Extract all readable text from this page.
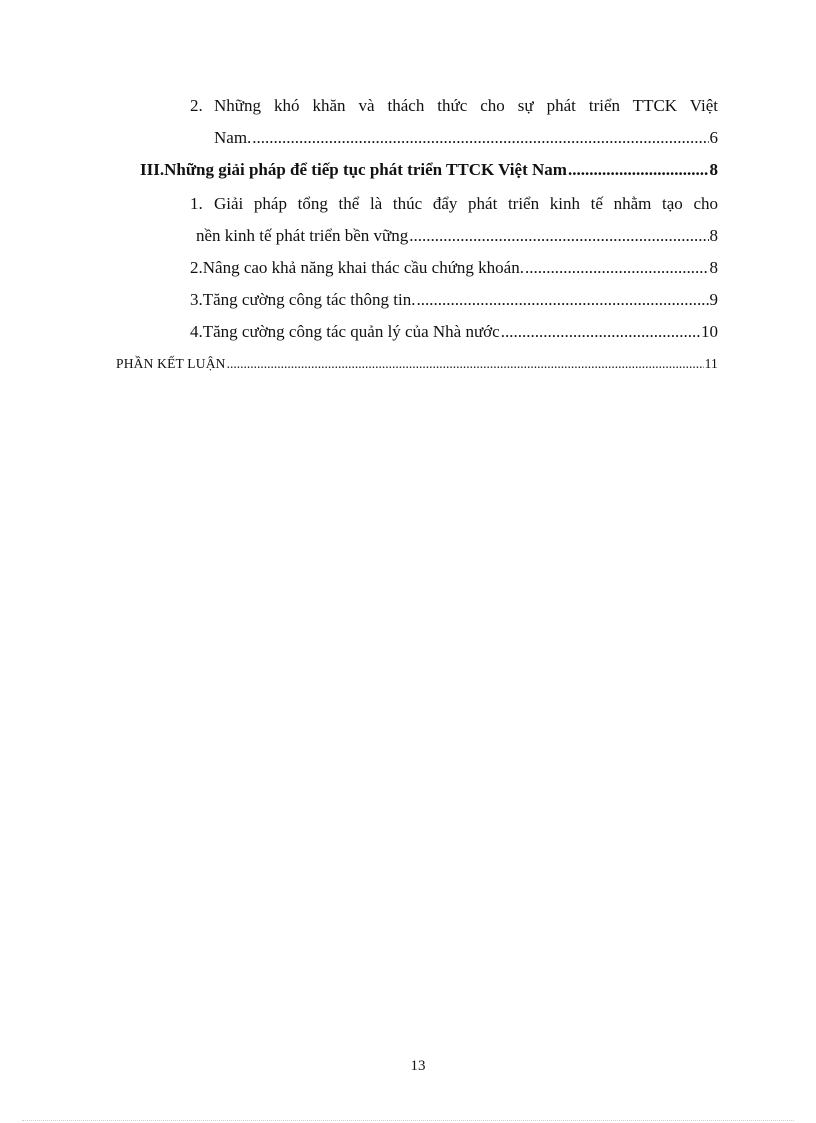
2. Những khó khăn và thách thức cho sự phát triển TTCK Việt
Nam. .....	6
III. Những giải pháp để tiếp tục phát triển TTCK Việt Nam .....	8
1. Giải pháp tổng thể là thúc đẩy phát triển kinh tế nhằm tạo cho
nền kinh tế phát triển bền vững .....	8
2. Nâng cao khả năng khai thác cầu chứng khoán. .....	8
3. Tăng cường công tác thông tin. .....	9
4. Tăng cường công tác quản lý của Nhà nước .....	10
PHẦN KẾT LUẬN .....	11
13
